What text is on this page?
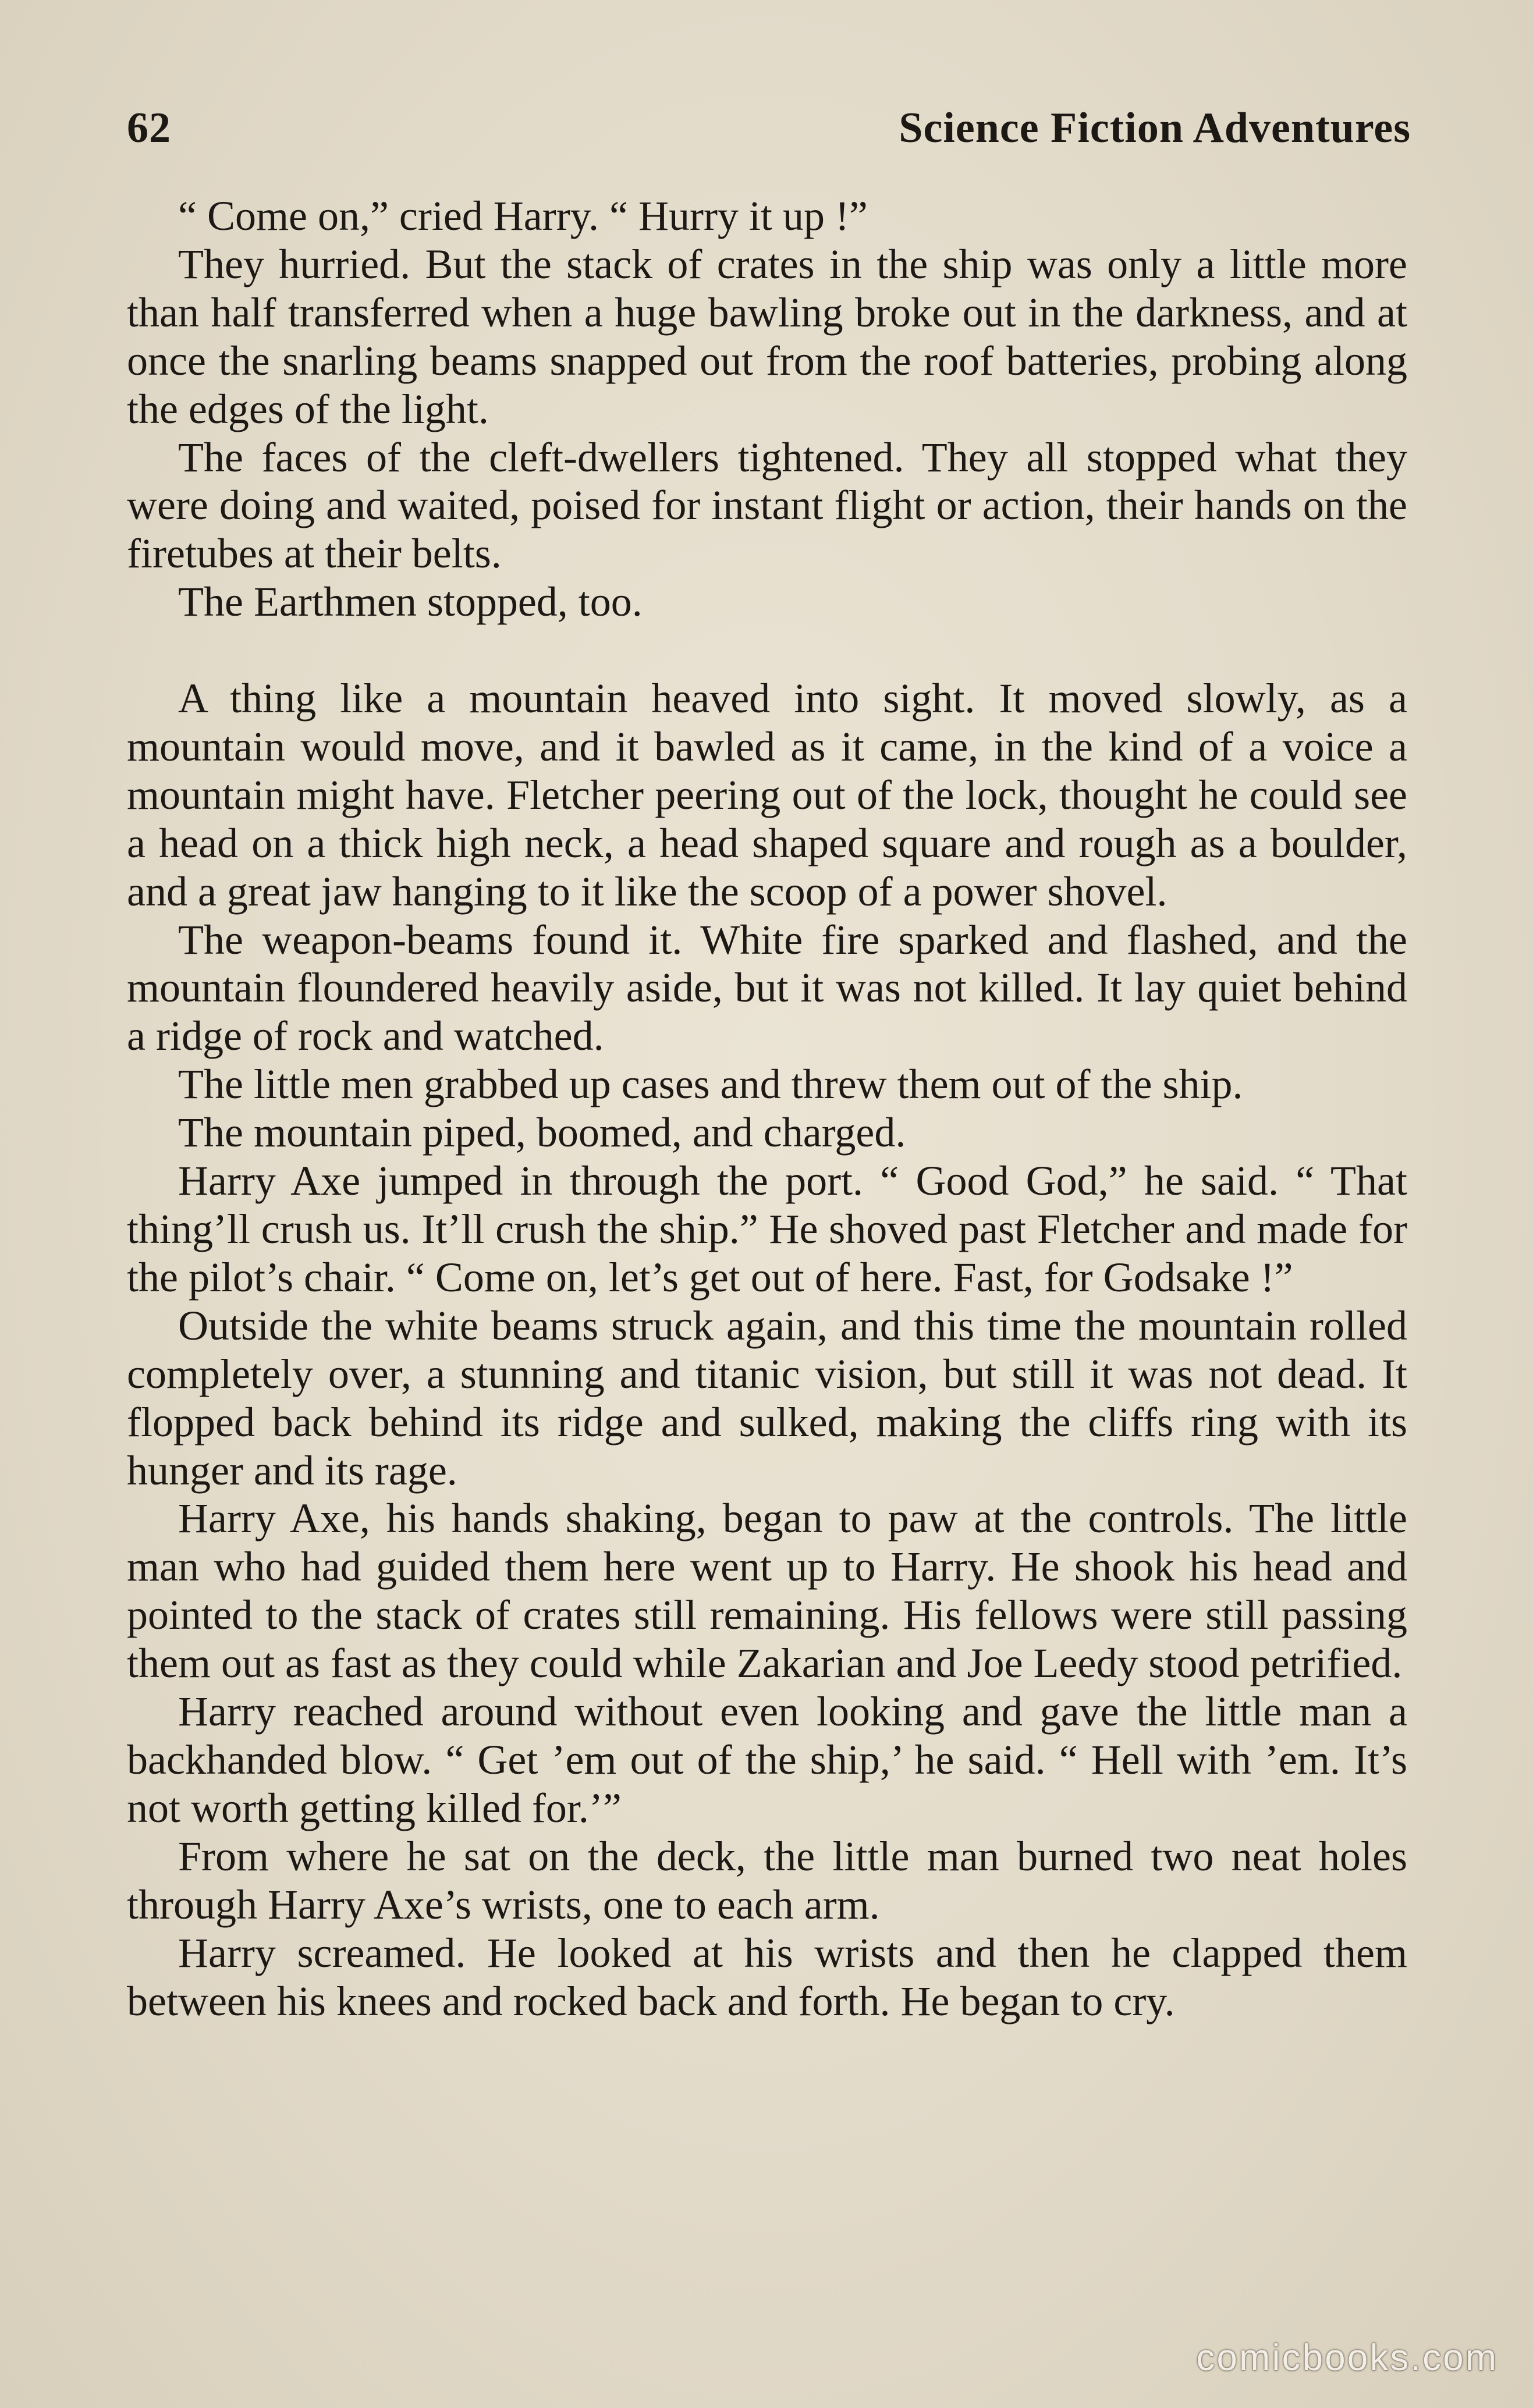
62	Science Fiction Adventures

“ Come on,” cried Harry. “ Hurry it up !”

They hurried. But the stack of crates in the ship was only a little more than half transferred when a huge bawling broke out in the darkness, and at once the snarling beams snapped out from the roof batteries, probing along the edges of the light.

The faces of the cleft-dwellers tightened. They all stopped what they were doing and waited, poised for instant flight or action, their hands on the firetubes at their belts.

The Earthmen stopped, too.

A thing like a mountain heaved into sight. It moved slowly, as a mountain would move, and it bawled as it came, in the kind of a voice a mountain might have. Fletcher peering out of the lock, thought he could see a head on a thick high neck, a head shaped square and rough as a boulder, and a great jaw hanging to it like the scoop of a power shovel.

The weapon-beams found it. White fire sparked and flashed, and the mountain floundered heavily aside, but it was not killed. It lay quiet behind a ridge of rock and watched.

The little men grabbed up cases and threw them out of the ship.

The mountain piped, boomed, and charged.

Harry Axe jumped in through the port. “ Good God,” he said. “ That thing’ll crush us. It’ll crush the ship.” He shoved past Fletcher and made for the pilot’s chair. “ Come on, let’s get out of here. Fast, for Godsake !”

Outside the white beams struck again, and this time the mountain rolled completely over, a stunning and titanic vision, but still it was not dead. It flopped back behind its ridge and sulked, making the cliffs ring with its hunger and its rage.

Harry Axe, his hands shaking, began to paw at the controls. The little man who had guided them here went up to Harry. He shook his head and pointed to the stack of crates still remaining. His fellows were still passing them out as fast as they could while Zakarian and Joe Leedy stood petrified.

Harry reached around without even looking and gave the little man a backhanded blow. “ Get ’em out of the ship,’ he said. “ Hell with ’em. It’s not worth getting killed for.’”

From where he sat on the deck, the little man burned two neat holes through Harry Axe’s wrists, one to each arm.

Harry screamed. He looked at his wrists and then he clapped them between his knees and rocked back and forth. He began to cry.

comicbooks.com
